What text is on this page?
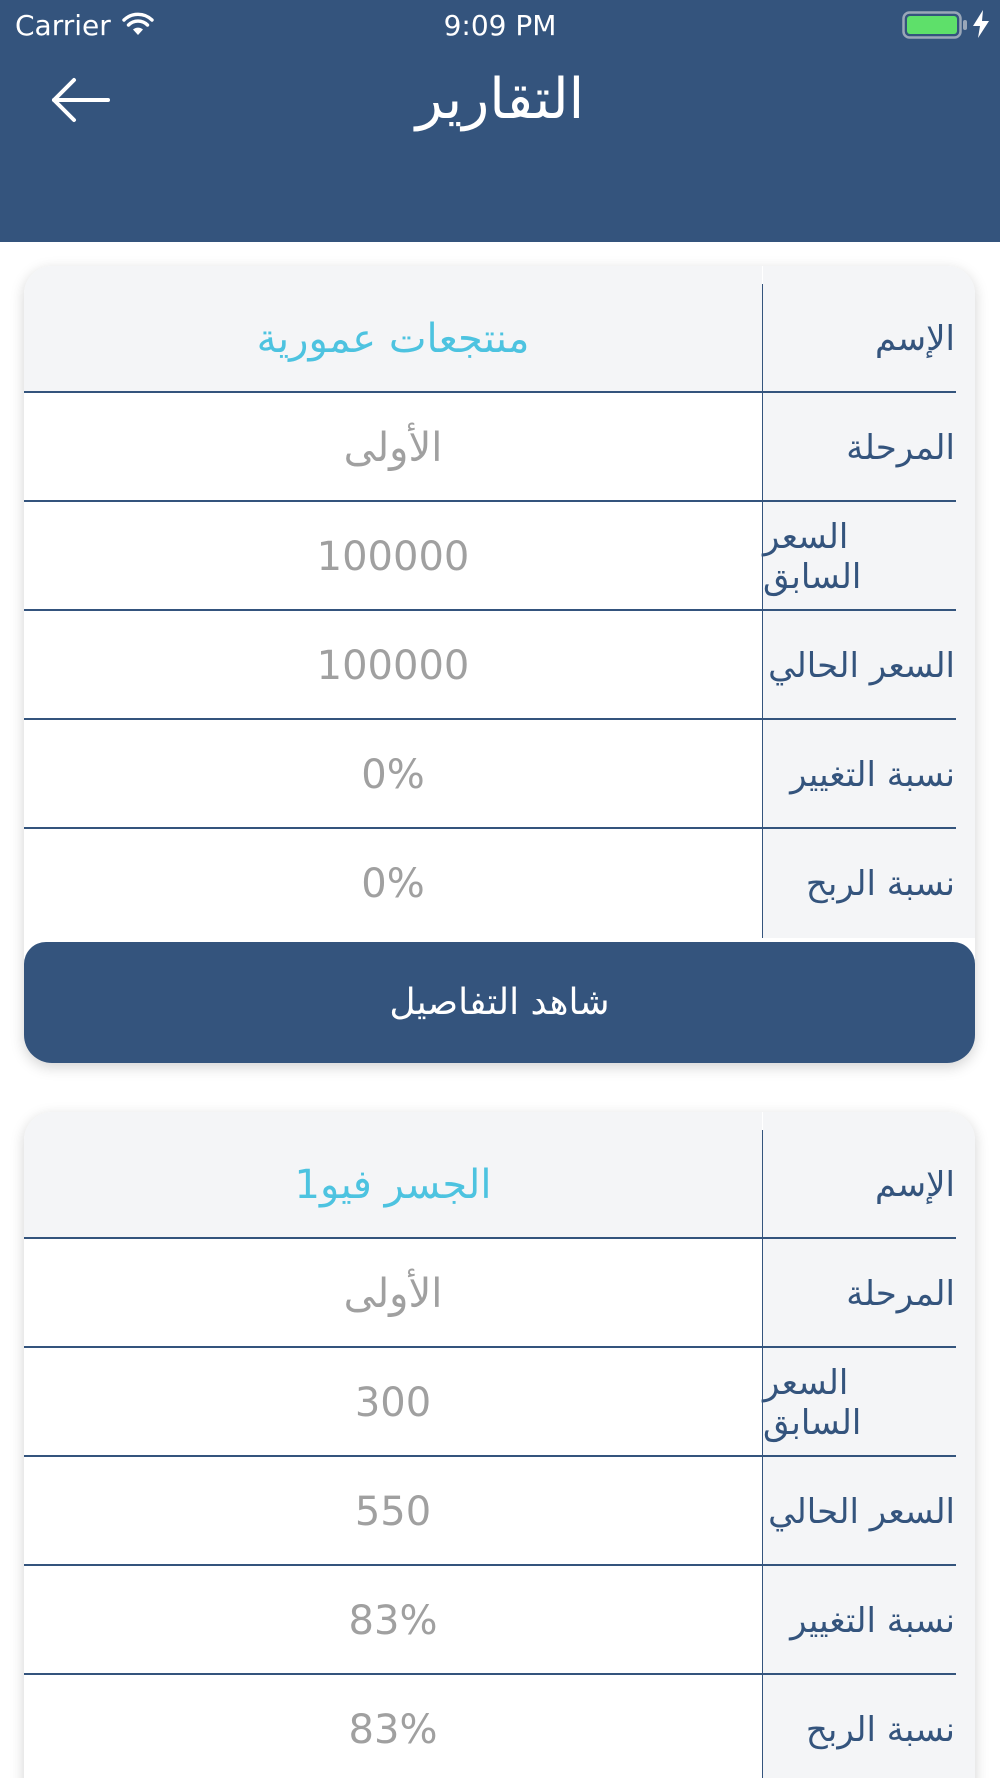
Carrier	9:09 PM
التقارير
منتجعات عمورية	الإسم
الأولى	المرحلة
100000	السعر السابق
100000	السعر الحالي
0%	نسبة التغيير
0%	نسبة الربح
شاهد التفاصيل
الجسر فيو1	الإسم
الأولى	المرحلة
300	السعر السابق
550	السعر الحالي
83%	نسبة التغيير
83%	نسبة الربح
